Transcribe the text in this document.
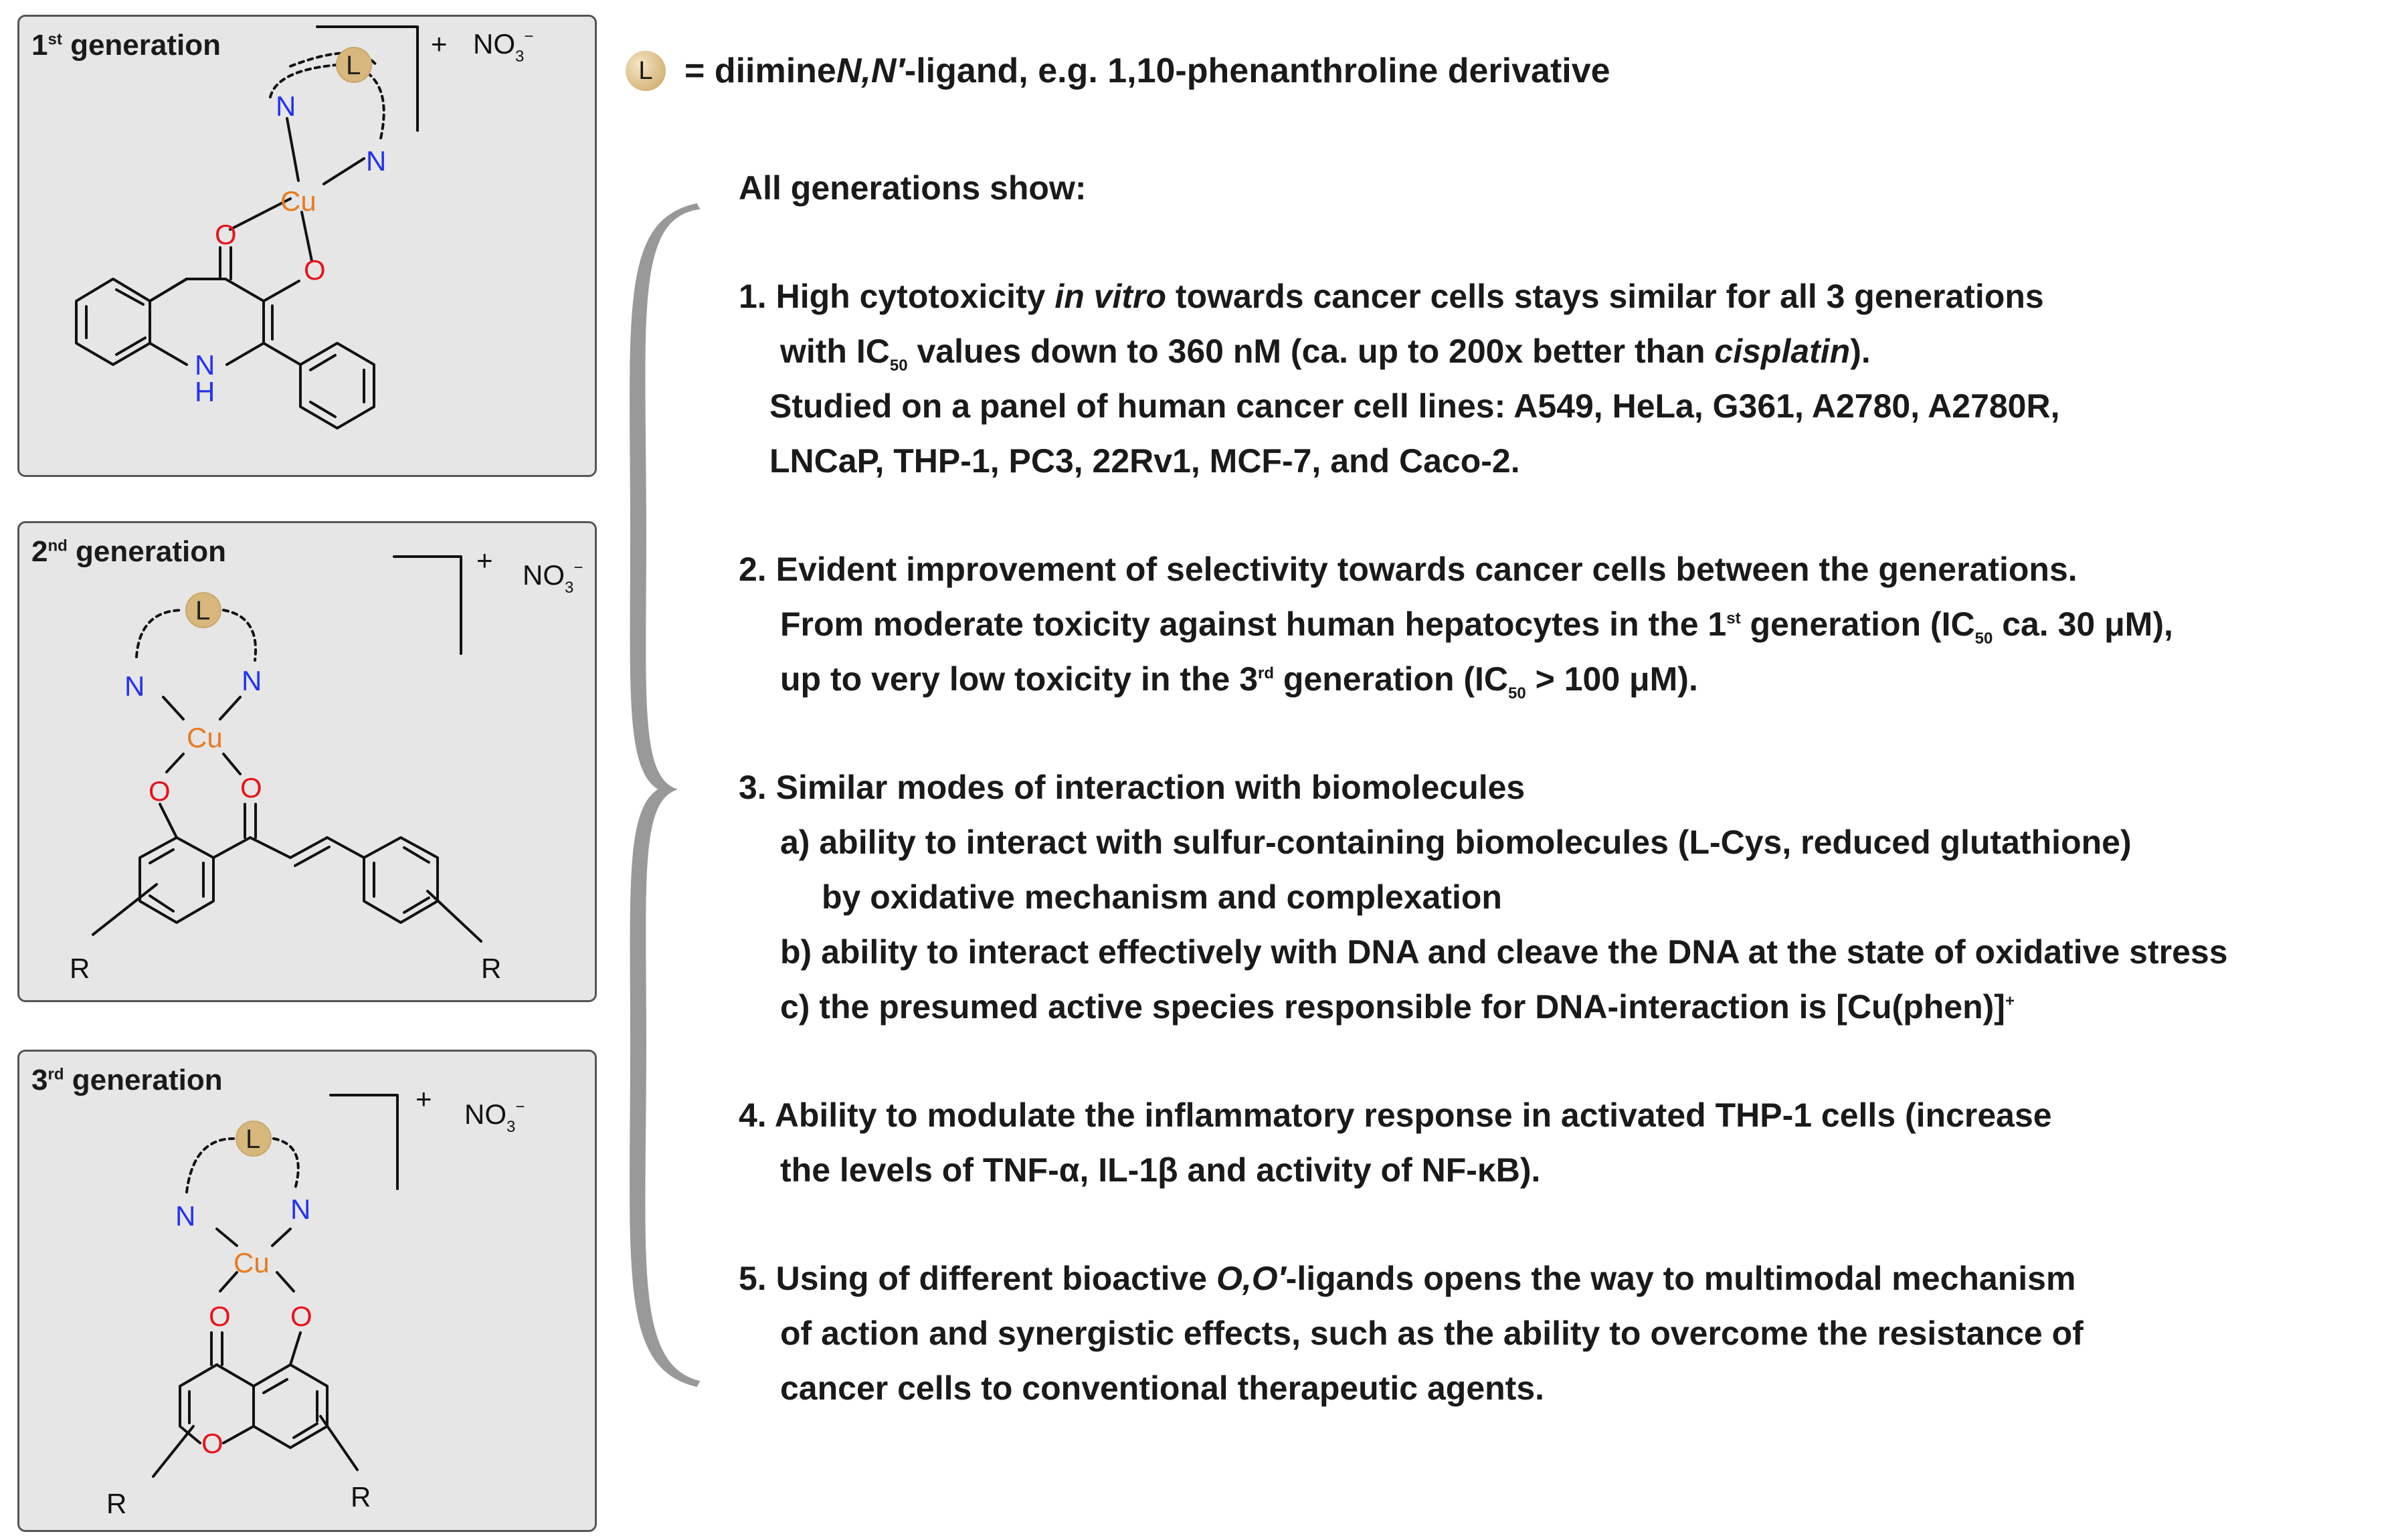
1st generation	+ $NO_3^-$
L
N
N
Cu
O
O
N
H
2nd generation	+ $NO_3^-$
L
R	R
N	N
Cu
O O
3rd generation
+ $NO_3^-$
L
R	R
N	N
Cu
O O
O
L = diimine N,N′ -ligand, e.g. 1,10-phenanthroline derivative
All generations show:
1. High cytotoxicity in vitro towards cancer cells stays similar for all 3 generations
with $IC_{50}$ values down to 360 nM (ca. up to 200x better than cisplatin).
Studied on a panel of human cancer cell lines: A549, HeLa, G361, A2780, A2780R,
LNCaP, THP-1, PC3, 22Rv1, MCF-7, and Caco-2.
2. Evident improvement of selectivity towards cancer cells between the generations.
From moderate toxicity against human hepatocytes in the 1st generation ($IC_{50}$ ca. 30 μM),
up to very low toxicity in the 3rd generation ($IC_{50} > 100$ μM).
3. Similar modes of interaction with biomolecules
a) ability to interact with sulfur-containing biomolecules (L-Cys, reduced glutathione)
by oxidative mechanism and complexation
b) ability to interact effectively with DNA and cleave the DNA at the state of oxidative stress
c) the presumed active species responsible for DNA-interaction is [Cu(phen)]+
4. Ability to modulate the inflammatory response in activated THP-1 cells (increase
the levels of TNF-α, IL-1β and activity of NF-κB).
5. Using of different bioactive O,O′-ligands opens the way to multimodal mechanism
of action and synergistic effects, such as the ability to overcome the resistance of
cancer cells to conventional therapeutic agents.
